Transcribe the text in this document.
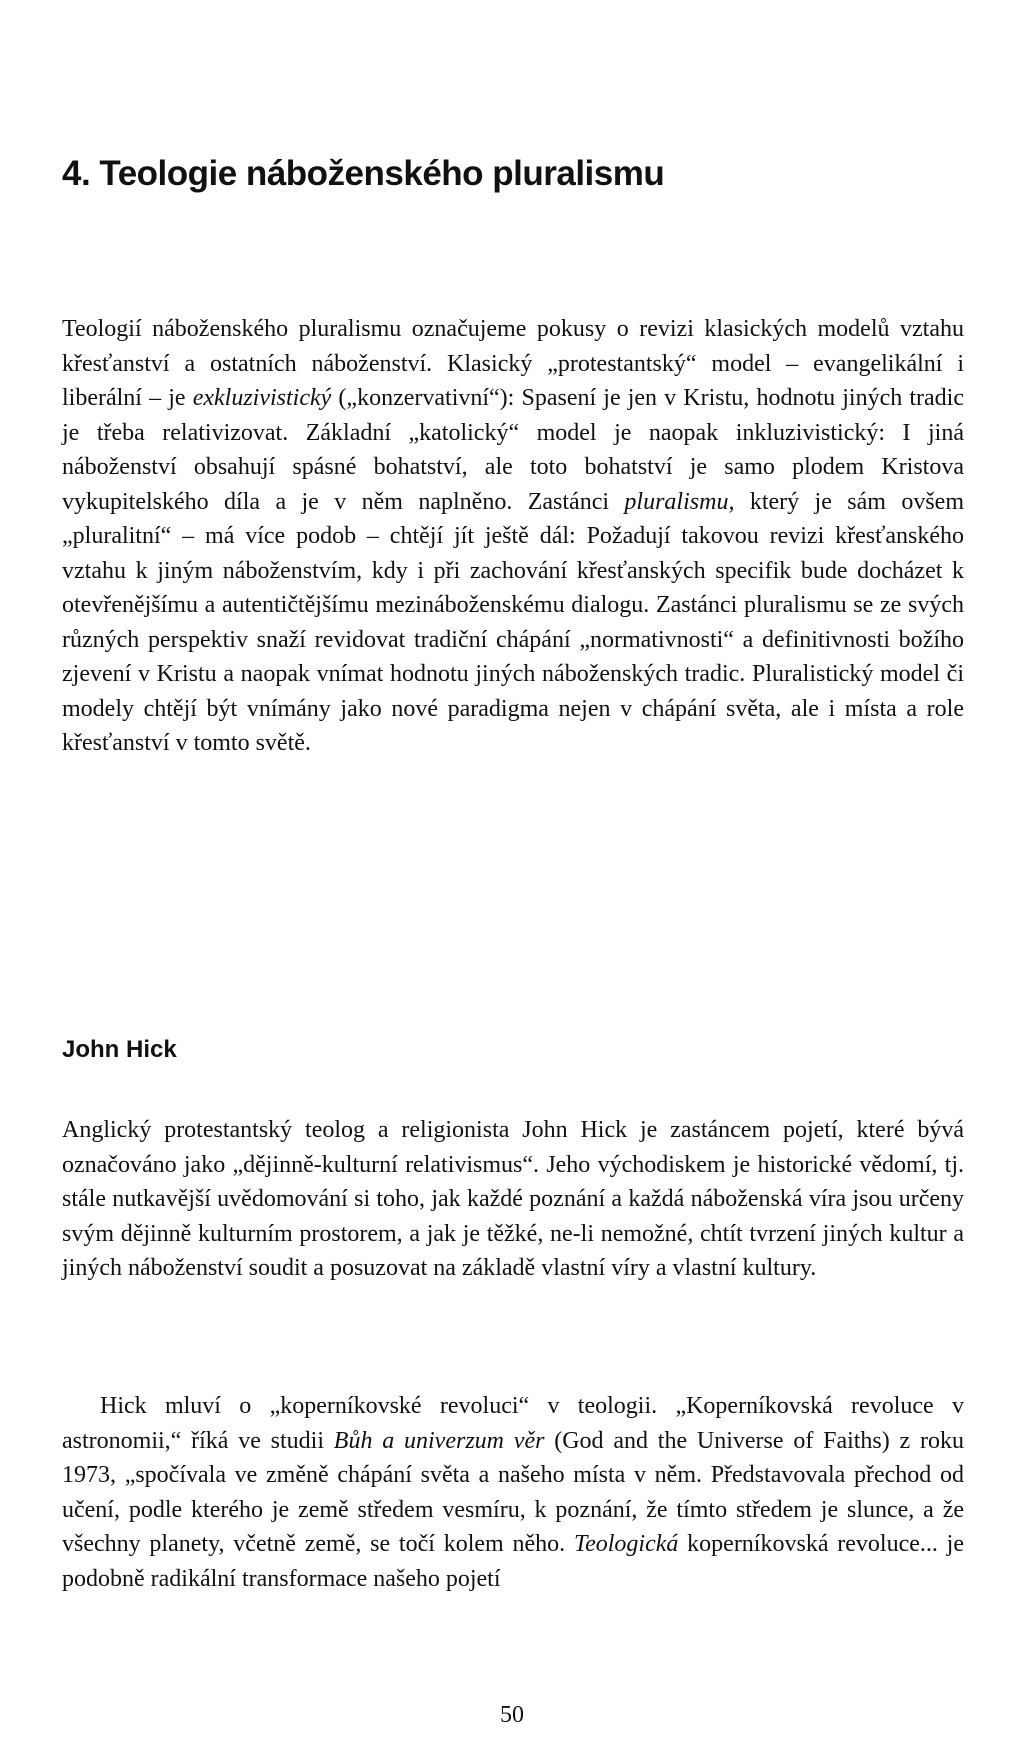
4. Teologie náboženského pluralismu

Teologií náboženského pluralismu označujeme pokusy o revizi klasických modelů vztahu křesťanství a ostatních náboženství. Klasický „protestantský“ model – evangelikální i liberální – je exkluzivistický („konzervativní“): Spasení je jen v Kristu, hodnotu jiných tradic je třeba relativizovat. Základní „katolický“ model je naopak inkluzivistický: I jiná náboženství obsahují spásné bohatství, ale toto bohatství je samo plodem Kristova vykupitelského díla a je v něm naplněno. Zastánci pluralismu, který je sám ovšem „pluralitní“ – má více podob – chtějí jít ještě dál: Požadují takovou revizi křesťanského vztahu k jiným náboženstvím, kdy i při zachování křesťanských specifik bude docházet k otevřenějšímu a autentičtějšímu mezináboženskému dialogu. Zastánci pluralismu se ze svých různých perspektiv snaží revidovat tradiční chápání „normativnosti“ a definitivnosti božího zjevení v Kristu a naopak vnímat hodnotu jiných náboženských tradic. Pluralistický model či modely chtějí být vnímány jako nové paradigma nejen v chápání světa, ale i místa a role křesťanství v tomto světě.

John Hick

Anglický protestantský teolog a religionista John Hick je zastáncem pojetí, které bývá označováno jako „dějinně-kulturní relativismus“. Jeho východiskem je historické vědomí, tj. stále nutkavější uvědomování si toho, jak každé poznání a každá náboženská víra jsou určeny svým dějinně kulturním prostorem, a jak je těžké, ne-li nemožné, chtít tvrzení jiných kultur a jiných náboženství soudit a posuzovat na základě vlastní víry a vlastní kultury.

Hick mluví o „koperníkovské revoluci“ v teologii. „Koperníkovská revoluce v astronomii,“ říká ve studii Bůh a univerzum věr (God and the Universe of Faiths) z roku 1973, „spočívala ve změně chápání světa a našeho místa v něm. Představovala přechod od učení, podle kterého je země středem vesmíru, k poznání, že tímto středem je slunce, a že všechny planety, včetně země, se točí kolem něho. Teologická koperníkovská revoluce... je podobně radikální transformace našeho pojetí

50
